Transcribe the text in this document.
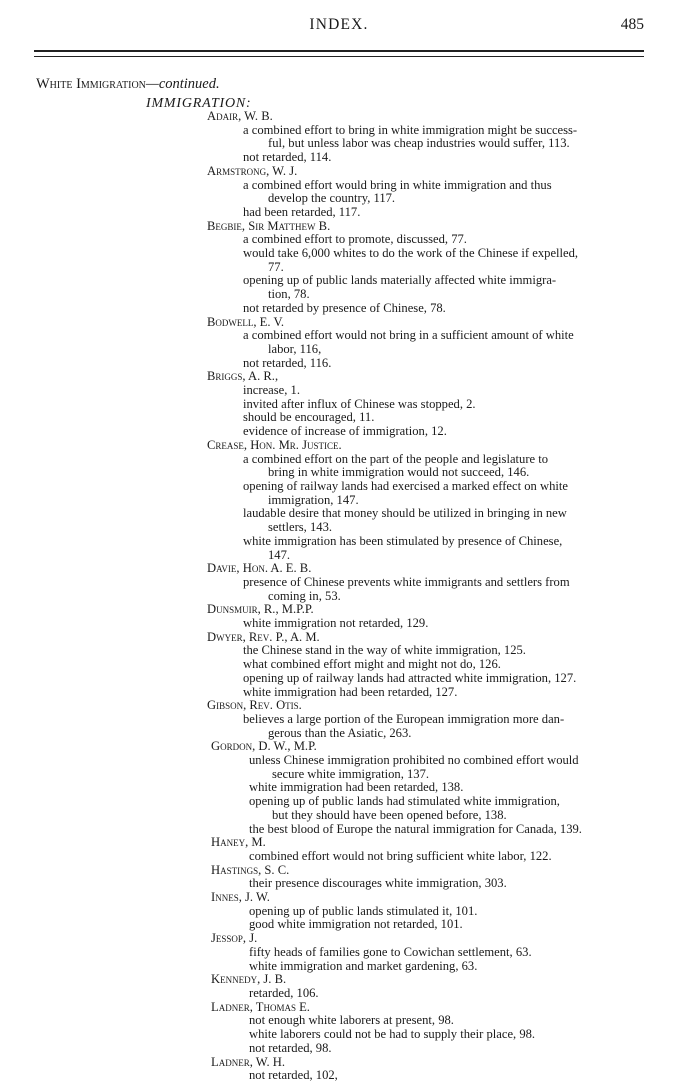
INDEX.	485
White Immigration—continued.
IMMIGRATION:
Adair, W. B.
a combined effort to bring in white immigration might be success-
ful, but unless labor was cheap industries would suffer, 113.
not retarded, 114.
Armstrong, W. J.
a combined effort would bring in white immigration and thus
develop the country, 117.
had been retarded, 117.
Begbie, Sir Matthew B.
a combined effort to promote, discussed, 77.
would take 6,000 whites to do the work of the Chinese if expelled,
77.
opening up of public lands materially affected white immigra-
tion, 78.
not retarded by presence of Chinese, 78.
Bodwell, E. V.
a combined effort would not bring in a sufficient amount of white
labor, 116,
not retarded, 116.
Briggs, A. R.,
increase, 1.
invited after influx of Chinese was stopped, 2.
should be encouraged, 11.
evidence of increase of immigration, 12.
Crease, Hon. Mr. Justice.
a combined effort on the part of the people and legislature to
bring in white immigration would not succeed, 146.
opening of railway lands had exercised a marked effect on white
immigration, 147.
laudable desire that money should be utilized in bringing in new
settlers, 143.
white immigration has been stimulated by presence of Chinese,
147.
Davie, Hon. A. E. B.
presence of Chinese prevents white immigrants and settlers from
coming in, 53.
Dunsmuir, R., M.P.P.
white immigration not retarded, 129.
Dwyer, Rev. P., A. M.
the Chinese stand in the way of white immigration, 125.
what combined effort might and might not do, 126.
opening up of railway lands had attracted white immigration, 127.
white immigration had been retarded, 127.
Gibson, Rev. Otis.
believes a large portion of the European immigration more dan-
gerous than the Asiatic, 263.
Gordon, D. W., M.P.
unless Chinese immigration prohibited no combined effort would
secure white immigration, 137.
white immigration had been retarded, 138.
opening up of public lands had stimulated white immigration,
but they should have been opened before, 138.
the best blood of Europe the natural immigration for Canada, 139.
Haney, M.
combined effort would not bring sufficient white labor, 122.
Hastings, S. C.
their presence discourages white immigration, 303.
Innes, J. W.
opening up of public lands stimulated it, 101.
good white immigration not retarded, 101.
Jessop, J.
fifty heads of families gone to Cowichan settlement, 63.
white immigration and market gardening, 63.
Kennedy, J. B.
retarded, 106.
Ladner, Thomas E.
not enough white laborers at present, 98.
white laborers could not be had to supply their place, 98.
not retarded, 98.
Ladner, W. H.
not retarded, 102,
